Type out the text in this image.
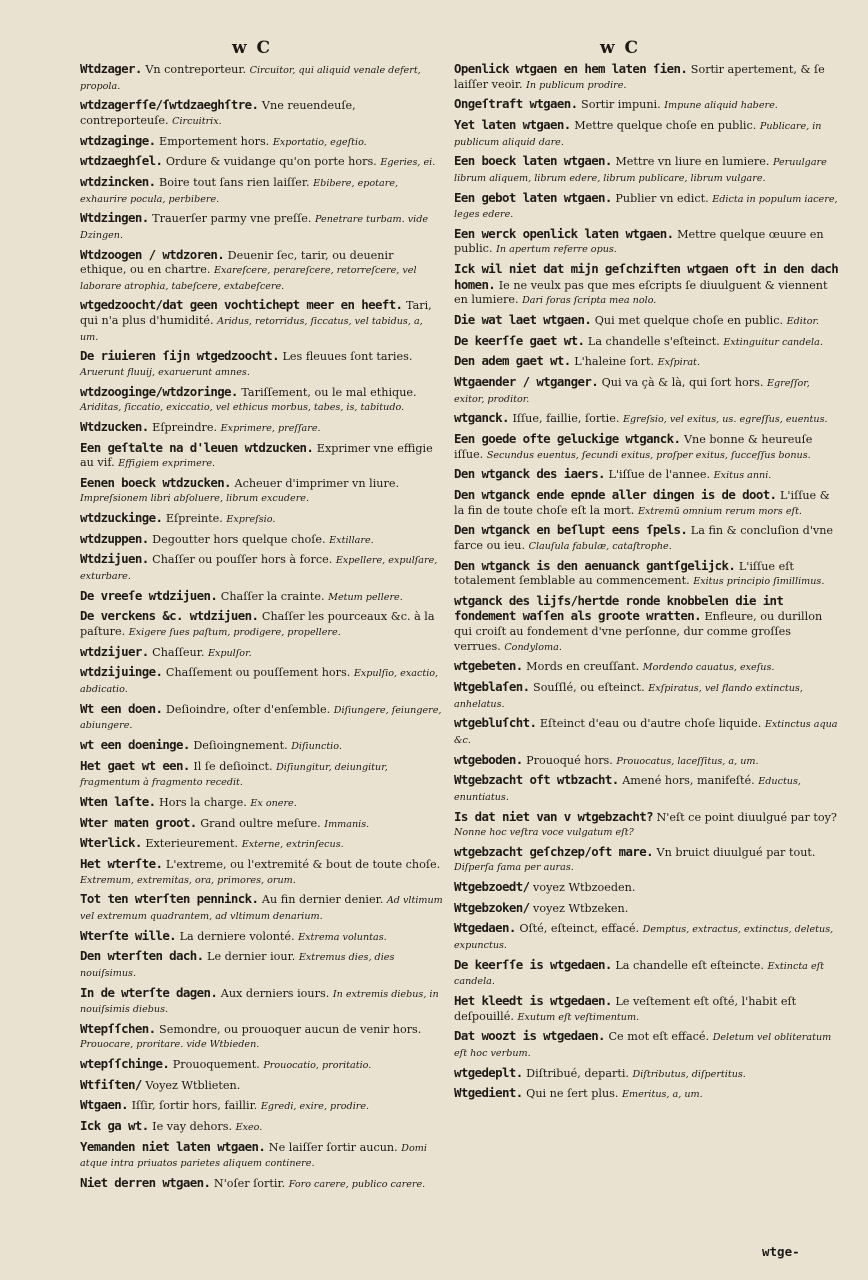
w C	w C

Wtdzager. Vn contreporteur. Circuitor, qui aliquid venale defert, propola.

wtdzagerfſe/ſwtdzaeghſtre. Vne reuendeuſe, contreporteuſe. Circuitrix.

wtdzaginge. Emportement hors. Exportatio, egeſtio.

wtdzaeghſel. Ordure & vuidange qu'on porte hors. Egeries, ei.

wtdzincken. Boire tout ſans rien laiſſer. Ebibere, epotare, exhaurire pocula, perbibere.

Wtdzingen. Trauerſer parmy vne preſſe. Penetrare turbam. vide Dzingen.

Wtdzoogen / wtdzoren. Deuenir ſec, tarir, ou deuenir ethique, ou en chartre. Exareſcere, perareſcere, retorreſcere, vel laborare atrophia, tabeſcere, extabeſcere.

wtgedzoocht/dat geen vochtichept meer en heeft. Tari, qui n'a plus d'humidité. Aridus, retorridus, ſiccatus, vel tabidus, a, um.

De riuieren ſijn wtgedzoocht. Les fleuues ſont taries. Aruerunt fluuij, exaruerunt amnes.

wtdzooginge/wtdzoringe. Tariſſement, ou le mal ethique. Ariditas, ſiccatio, exiccatio, vel ethicus morbus, tabes, is, tabitudo.

Wtdzucken. Eſpreindre. Exprimere, preſſare.

Een geſtalte na d'leuen wtdzucken. Exprimer vne effigie au vif. Effigiem exprimere.

Eenen boeck wtdzucken. Acheuer d'imprimer vn liure. Impreſsionem libri abſoluere, librum excudere.

wtdzuckinge. Eſpreinte. Expreſsio.

wtdzuppen. Degoutter hors quelque choſe. Extillare.

Wtdzijuen. Chaſſer ou pouſſer hors à force. Expellere, expulſare, exturbare.

De vreeſe wtdzijuen. Chaſſer la crainte. Metum pellere.

De verckens &c. wtdzijuen. Chaſſer les pourceaux &c. à la paſture. Exigere ſues paſtum, prodigere, propellere.

wtdzijuer. Chaſſeur. Expulſor.

wtdzijuinge. Chaſſement ou pouſſement hors. Expulſio, exactio, abdicatio.

Wt een doen. Deſioindre, oſter d'enſemble. Diſiungere, ſeiungere, abiungere.

wt een doeninge. Deſioingnement. Diſiunctio.

Het gaet wt een. Il ſe deſioinct. Diſiungitur, deiungitur, fragmentum à fragmento recedit.

Wten laſte. Hors la charge. Ex onere.

Wter maten groot. Grand oultre meſure. Immanis.

Wterlick. Exterieurement. Externe, extrinſecus.

Het wterſte. L'extreme, ou l'extremité & bout de toute choſe. Extremum, extremitas, ora, primores, orum.

Tot ten wterſten penninck. Au fin dernier denier. Ad vltimum vel extremum quadrantem, ad vltimum denarium.

Wterſte wille. La derniere volonté. Extrema voluntas.

Den wterſten dach. Le dernier iour. Extremus dies, dies nouiſsimus.

In de wterſte dagen. Aux derniers iours. In extremis diebus, in nouiſsimis diebus.

Wtepſſchen. Semondre, ou prouoquer aucun de venir hors. Prouocare, proritare. vide Wtbieden.

wtepſſchinge. Prouoquement. Prouocatio, proritatio.

Wtfiſten/ Voyez Wtblieten.

Wtgaen. Iſſir, ſortir hors, faillir. Egredi, exire, prodire.

Ick ga wt. Ie vay dehors. Exeo.

Yemanden niet laten wtgaen. Ne laiſſer ſortir aucun. Domi atque intra priuatos parietes aliquem continere.

Niet derren wtgaen. N'oſer ſortir. Foro carere, publico carere.

Openlick wtgaen en hem laten ſien. Sortir apertement, & ſe laiſſer veoir. In publicum prodire.

Ongeſtraft wtgaen. Sortir impuni. Impune aliquid habere.

Yet laten wtgaen. Mettre quelque choſe en public. Publicare, in publicum aliquid dare.

Een boeck laten wtgaen. Mettre vn liure en lumiere. Peruulgare librum aliquem, librum edere, librum publicare, librum vulgare.

Een gebot laten wtgaen. Publier vn edict. Edicta in populum iacere, leges edere.

Een werck openlick laten wtgaen. Mettre quelque œuure en public. In apertum referre opus.

Ick wil niet dat mijn geſchziften wtgaen oft in den dach homen. Ie ne veulx pas que mes eſcripts ſe diuulguent & viennent en lumiere. Dari foras ſcripta mea nolo.

Die wat laet wtgaen. Qui met quelque choſe en public. Editor.

De keerſſe gaet wt. La chandelle s'eſteinct. Extinguitur candela.

Den adem gaet wt. L'haleine ſort. Exſpirat.

Wtgaender / wtganger. Qui va çà & là, qui ſort hors. Egreſſor, exitor, proditor.

wtganck. Iſſue, faillie, ſortie. Egreſsio, vel exitus, us. egreſſus, euentus.

Een goede ofte geluckige wtganck. Vne bonne & heureuſe iſſue. Secundus euentus, ſecundi exitus, proſper exitus, ſucceſſus bonus.

Den wtganck des iaers. L'iſſue de l'annee. Exitus anni.

Den wtganck ende epnde aller dingen is de doot. L'iſſue & la fin de toute choſe eſt la mort. Extremū omnium rerum mors eſt.

Den wtganck en beſlupt eens ſpels. La fin & concluſion d'vne farce ou ieu. Clauſula fabulæ, cataſtrophe.

Den wtganck is den aenuanck gantſgelijck. L'iſſue eſt totalement ſemblable au commencement. Exitus principio ſimillimus.

wtganck des lijfs/hertde ronde knobbelen die int fondement waſſen als groote wratten. Enfleure, ou durillon qui croiſt au fondement d'vne perſonne, dur comme groſſes verrues. Condyloma.

wtgebeten. Mords en creuſſant. Mordendo cauatus, exeſus.

Wtgeblaſen. Souſſlé, ou eſteinct. Exſpiratus, vel flando extinctus, anhelatus.

wtgebluſcht. Eſteinct d'eau ou d'autre choſe liquide. Extinctus aqua &c.

wtgeboden. Prouoqué hors. Prouocatus, laceſſitus, a, um.

Wtgebzacht oft wtbzacht. Amené hors, manifeſté. Eductus, enuntiatus.

Is dat niet van v wtgebzacht? N'eſt ce point diuulgué par toy? Nonne hoc veſtra voce vulgatum eſt?

wtgebzacht geſchzep/oft mare. Vn bruict diuulgué par tout. Diſperſa fama per auras.

Wtgebzoedt/ voyez Wtbzoeden.

Wtgebzoken/ voyez Wtbzeken.

Wtgedaen. Oſté, eſteinct, effacé. Demptus, extractus, extinctus, deletus, expunctus.

De keerſſe is wtgedaen. La chandelle eſt eſteincte. Extincta eſt candela.

Het kleedt is wtgedaen. Le veſtement eſt oſté, l'habit eſt deſpouillé. Exutum eſt veſtimentum.

Dat woozt is wtgedaen. Ce mot eſt effacé. Deletum vel obliteratum eſt hoc verbum.

wtgedeplt. Diſtribué, departi. Diſtributus, diſpertitus.

Wtgedient. Qui ne ſert plus. Emeritus, a, um.

wtge-
